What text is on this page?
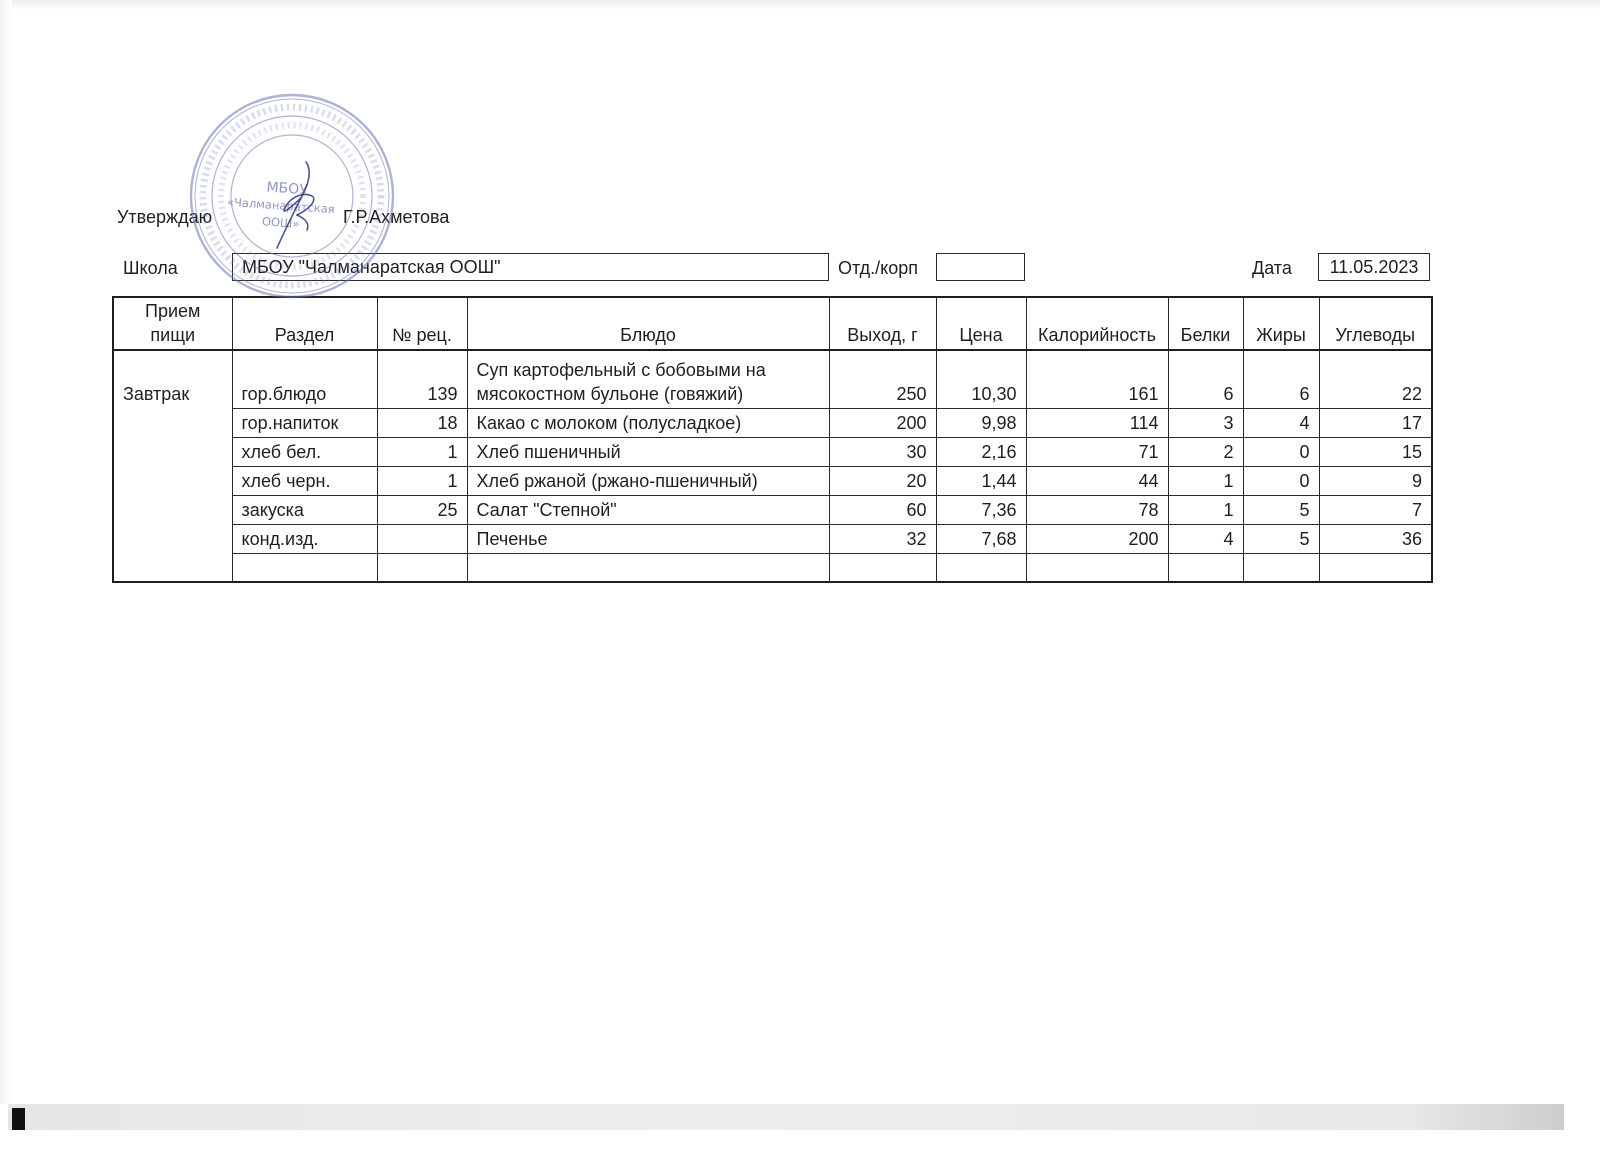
Утверждаю	Г.Р.Ахметова
Школа	МБОУ "Чалманаратская ООШ"	Отд./корп	Дата	11.05.2023
Прием пищи	Раздел	№ рец.	Блюдо	Выход, г	Цена	Калорийность	Белки	Жиры	Углеводы
Завтрак	гор.блюдо	139	Суп картофельный с бобовыми на мясокостном бульоне (говяжий)	250	10,30	161	6	6	22
	гор.напиток	18	Какао с молоком (полусладкое)	200	9,98	114	3	4	17
	хлеб бел.	1	Хлеб пшеничный	30	2,16	71	2	0	15
	хлеб черн.	1	Хлеб ржаной (ржано-пшеничный)	20	1,44	44	1	0	9
	закуска	25	Салат "Степной"	60	7,36	78	1	5	7
	конд.изд.		Печенье	32	7,68	200	4	5	36

МБОУ
«Чалманаратская
ООШ»
